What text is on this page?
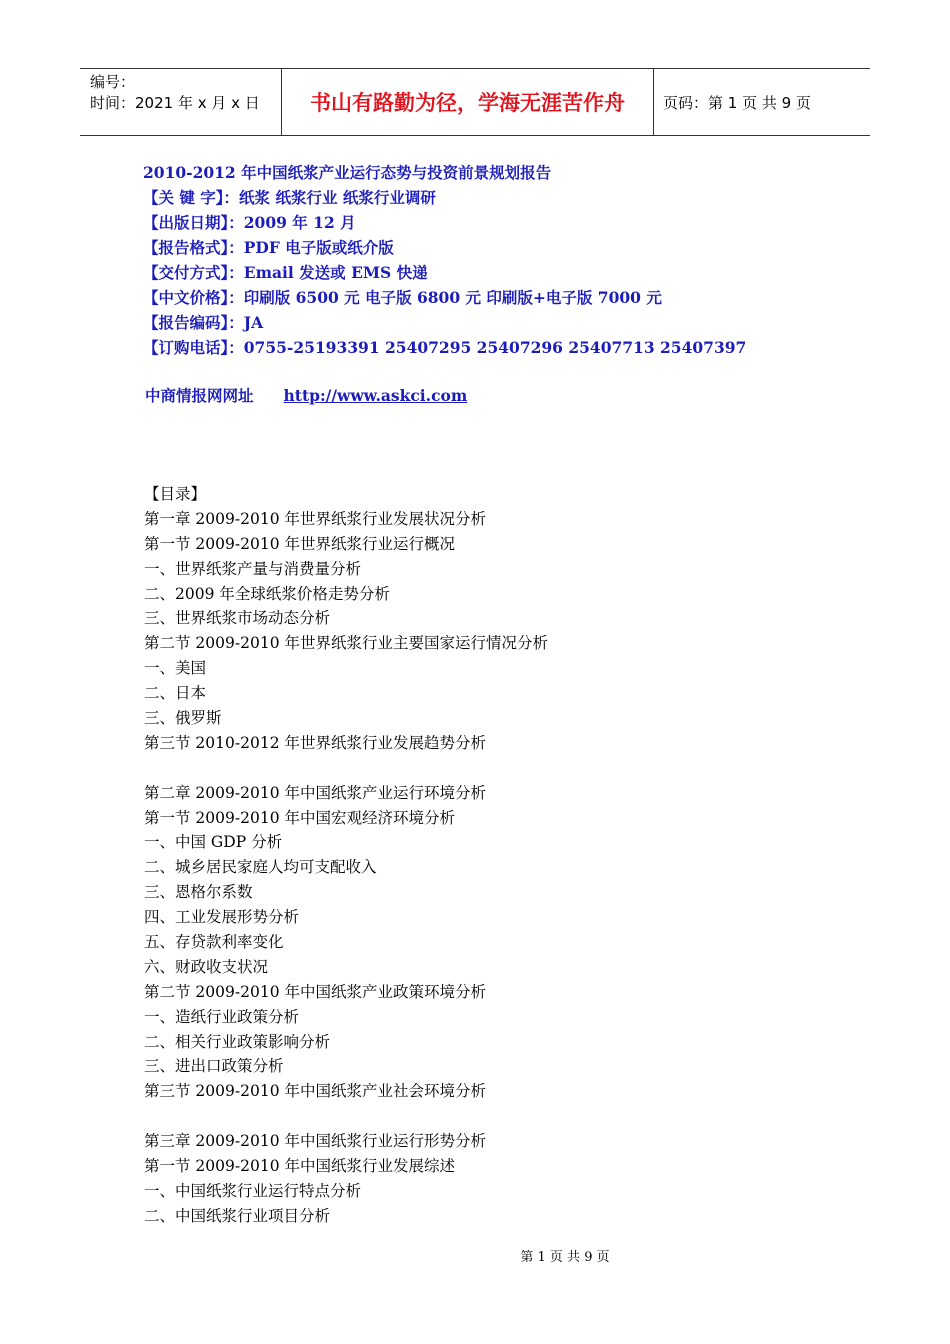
编号：
时间：2021 年 x 月 x 日	书山有路勤为径，学海无涯苦作舟	页码：第 1 页 共 9 页
2010-2012 年中国纸浆产业运行态势与投资前景规划报告
【关 键 字】：纸浆 纸浆行业 纸浆行业调研
【出版日期】：2009 年 12 月
【报告格式】：PDF 电子版或纸介版
【交付方式】：Email 发送或 EMS 快递
【中文价格】：印刷版 6500 元 电子版 6800 元 印刷版+电子版 7000 元
【报告编码】：JA
【订购电话】：0755-25193391 25407295 25407296 25407713 25407397
中商情报网网址 http://www.askci.com
【目录】
第一章 2009-2010 年世界纸浆行业发展状况分析
第一节 2009-2010 年世界纸浆行业运行概况
一、世界纸浆产量与消费量分析
二、2009 年全球纸浆价格走势分析
三、世界纸浆市场动态分析
第二节 2009-2010 年世界纸浆行业主要国家运行情况分析
一、美国
二、日本
三、俄罗斯
第三节 2010-2012 年世界纸浆行业发展趋势分析
第二章 2009-2010 年中国纸浆产业运行环境分析
第一节 2009-2010 年中国宏观经济环境分析
一、中国 GDP 分析
二、城乡居民家庭人均可支配收入
三、恩格尔系数
四、工业发展形势分析
五、存贷款利率变化
六、财政收支状况
第二节 2009-2010 年中国纸浆产业政策环境分析
一、造纸行业政策分析
二、相关行业政策影响分析
三、进出口政策分析
第三节 2009-2010 年中国纸浆产业社会环境分析
第三章 2009-2010 年中国纸浆行业运行形势分析
第一节 2009-2010 年中国纸浆行业发展综述
一、中国纸浆行业运行特点分析
二、中国纸浆行业项目分析
第 1 页 共 9 页
